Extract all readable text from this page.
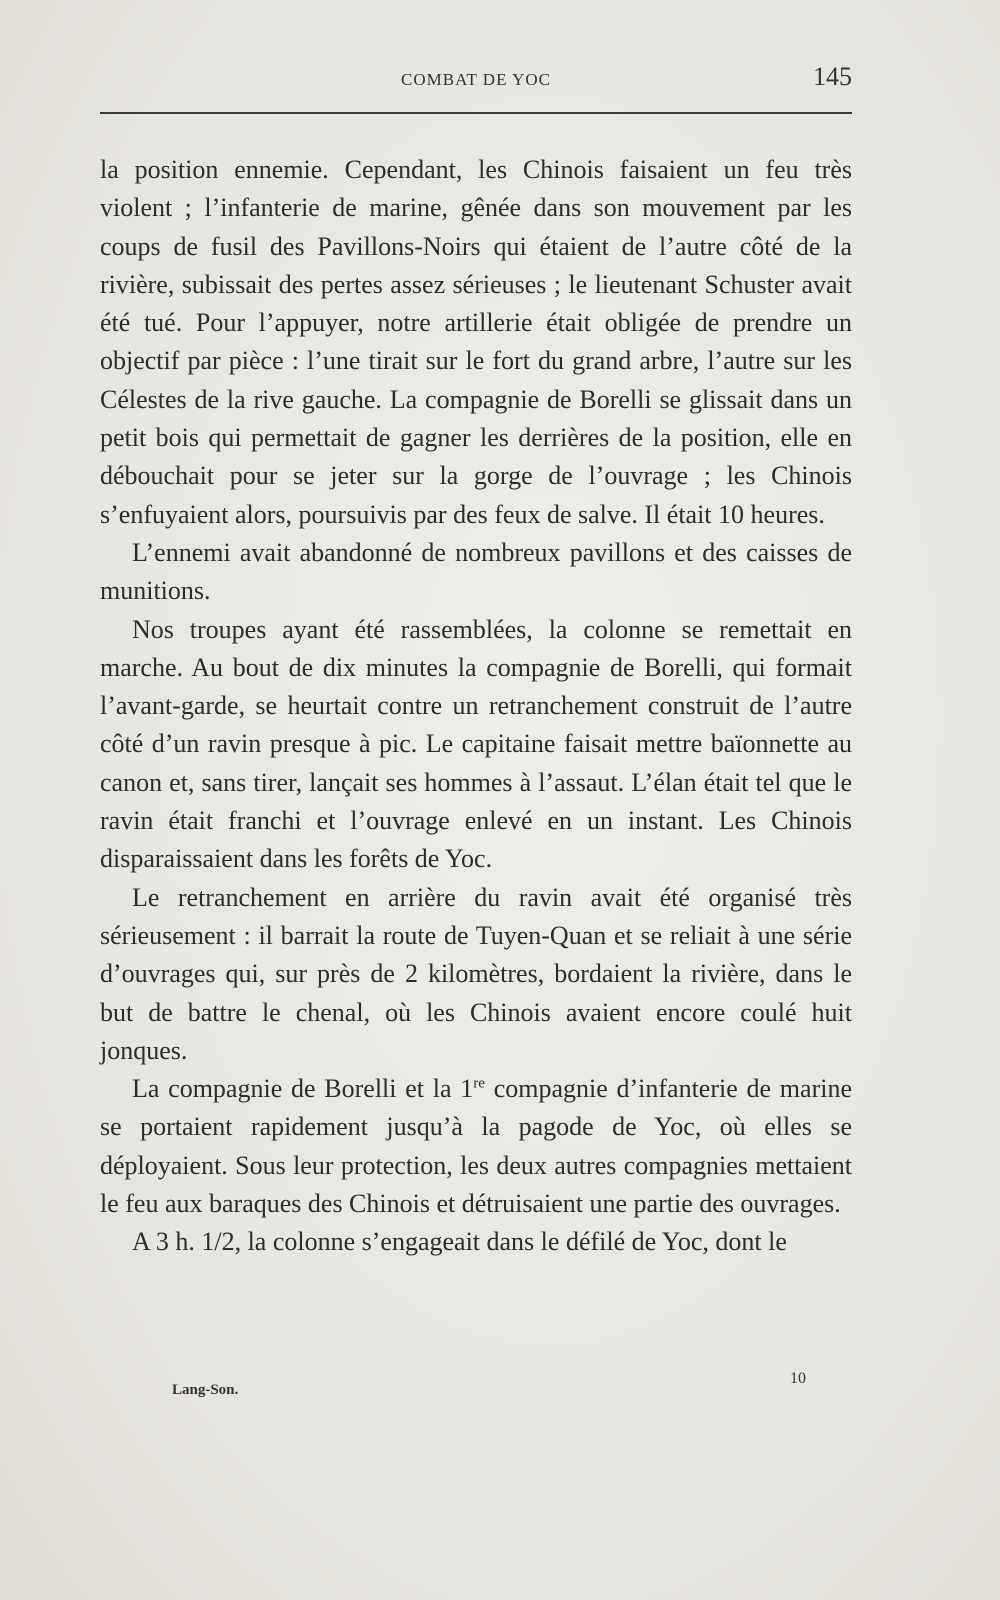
COMBAT DE YOC	145

la position ennemie. Cependant, les Chinois faisaient un feu très violent ; l’infanterie de marine, gênée dans son mouvement par les coups de fusil des Pavillons-Noirs qui étaient de l’autre côté de la rivière, subissait des pertes assez sérieuses ; le lieutenant Schuster avait été tué. Pour l’appuyer, notre artillerie était obligée de prendre un objectif par pièce : l’une tirait sur le fort du grand arbre, l’autre sur les Célestes de la rive gauche. La compagnie de Borelli se glissait dans un petit bois qui permettait de gagner les derrières de la position, elle en débouchait pour se jeter sur la gorge de l’ouvrage ; les Chinois s’enfuyaient alors, poursuivis par des feux de salve. Il était 10 heures.

L’ennemi avait abandonné de nombreux pavillons et des caisses de munitions.

Nos troupes ayant été rassemblées, la colonne se remettait en marche. Au bout de dix minutes la compagnie de Borelli, qui formait l’avant-garde, se heurtait contre un retranchement construit de l’autre côté d’un ravin presque à pic. Le capitaine faisait mettre baïonnette au canon et, sans tirer, lançait ses hommes à l’assaut. L’élan était tel que le ravin était franchi et l’ouvrage enlevé en un instant. Les Chinois disparaissaient dans les forêts de Yoc.

Le retranchement en arrière du ravin avait été organisé très sérieusement : il barrait la route de Tuyen-Quan et se reliait à une série d’ouvrages qui, sur près de 2 kilomètres, bordaient la rivière, dans le but de battre le chenal, où les Chinois avaient encore coulé huit jonques.

La compagnie de Borelli et la 1re compagnie d’infanterie de marine se portaient rapidement jusqu’à la pagode de Yoc, où elles se déployaient. Sous leur protection, les deux autres compagnies mettaient le feu aux baraques des Chinois et détruisaient une partie des ouvrages.

A 3 h. 1/2, la colonne s’engageait dans le défilé de Yoc, dont le

Lang-Son.
10
